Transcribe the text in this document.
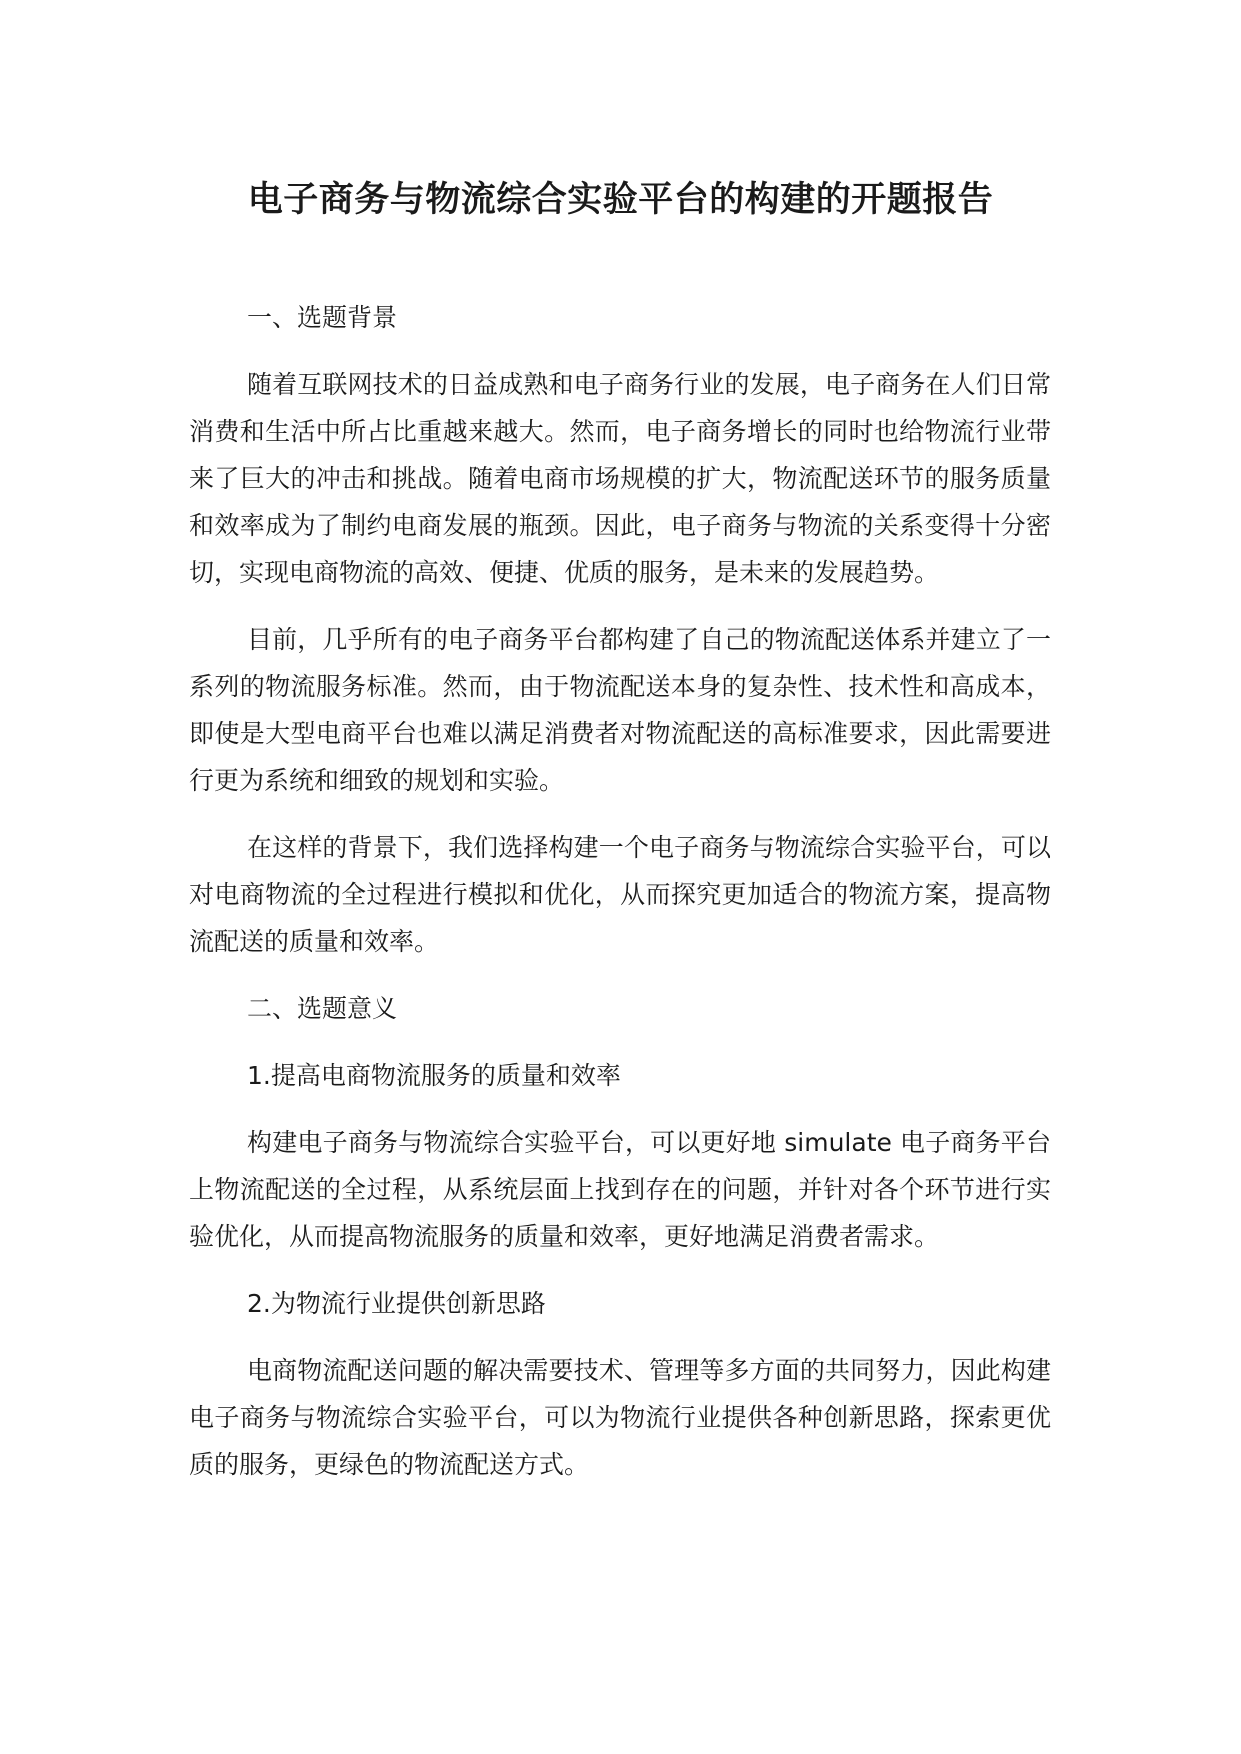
电子商务与物流综合实验平台的构建的开题报告

一、选题背景

随着互联网技术的日益成熟和电子商务行业的发展，电子商务在人们日常消费和生活中所占比重越来越大。然而，电子商务增长的同时也给物流行业带来了巨大的冲击和挑战。随着电商市场规模的扩大，物流配送环节的服务质量和效率成为了制约电商发展的瓶颈。因此，电子商务与物流的关系变得十分密切，实现电商物流的高效、便捷、优质的服务，是未来的发展趋势。

目前，几乎所有的电子商务平台都构建了自己的物流配送体系并建立了一系列的物流服务标准。然而，由于物流配送本身的复杂性、技术性和高成本，即使是大型电商平台也难以满足消费者对物流配送的高标准要求，因此需要进行更为系统和细致的规划和实验。

在这样的背景下，我们选择构建一个电子商务与物流综合实验平台，可以对电商物流的全过程进行模拟和优化，从而探究更加适合的物流方案，提高物流配送的质量和效率。

二、选题意义

1.提高电商物流服务的质量和效率

构建电子商务与物流综合实验平台，可以更好地 simulate 电子商务平台上物流配送的全过程，从系统层面上找到存在的问题，并针对各个环节进行实验优化，从而提高物流服务的质量和效率，更好地满足消费者需求。

2.为物流行业提供创新思路

电商物流配送问题的解决需要技术、管理等多方面的共同努力，因此构建电子商务与物流综合实验平台，可以为物流行业提供各种创新思路，探索更优质的服务，更绿色的物流配送方式。
